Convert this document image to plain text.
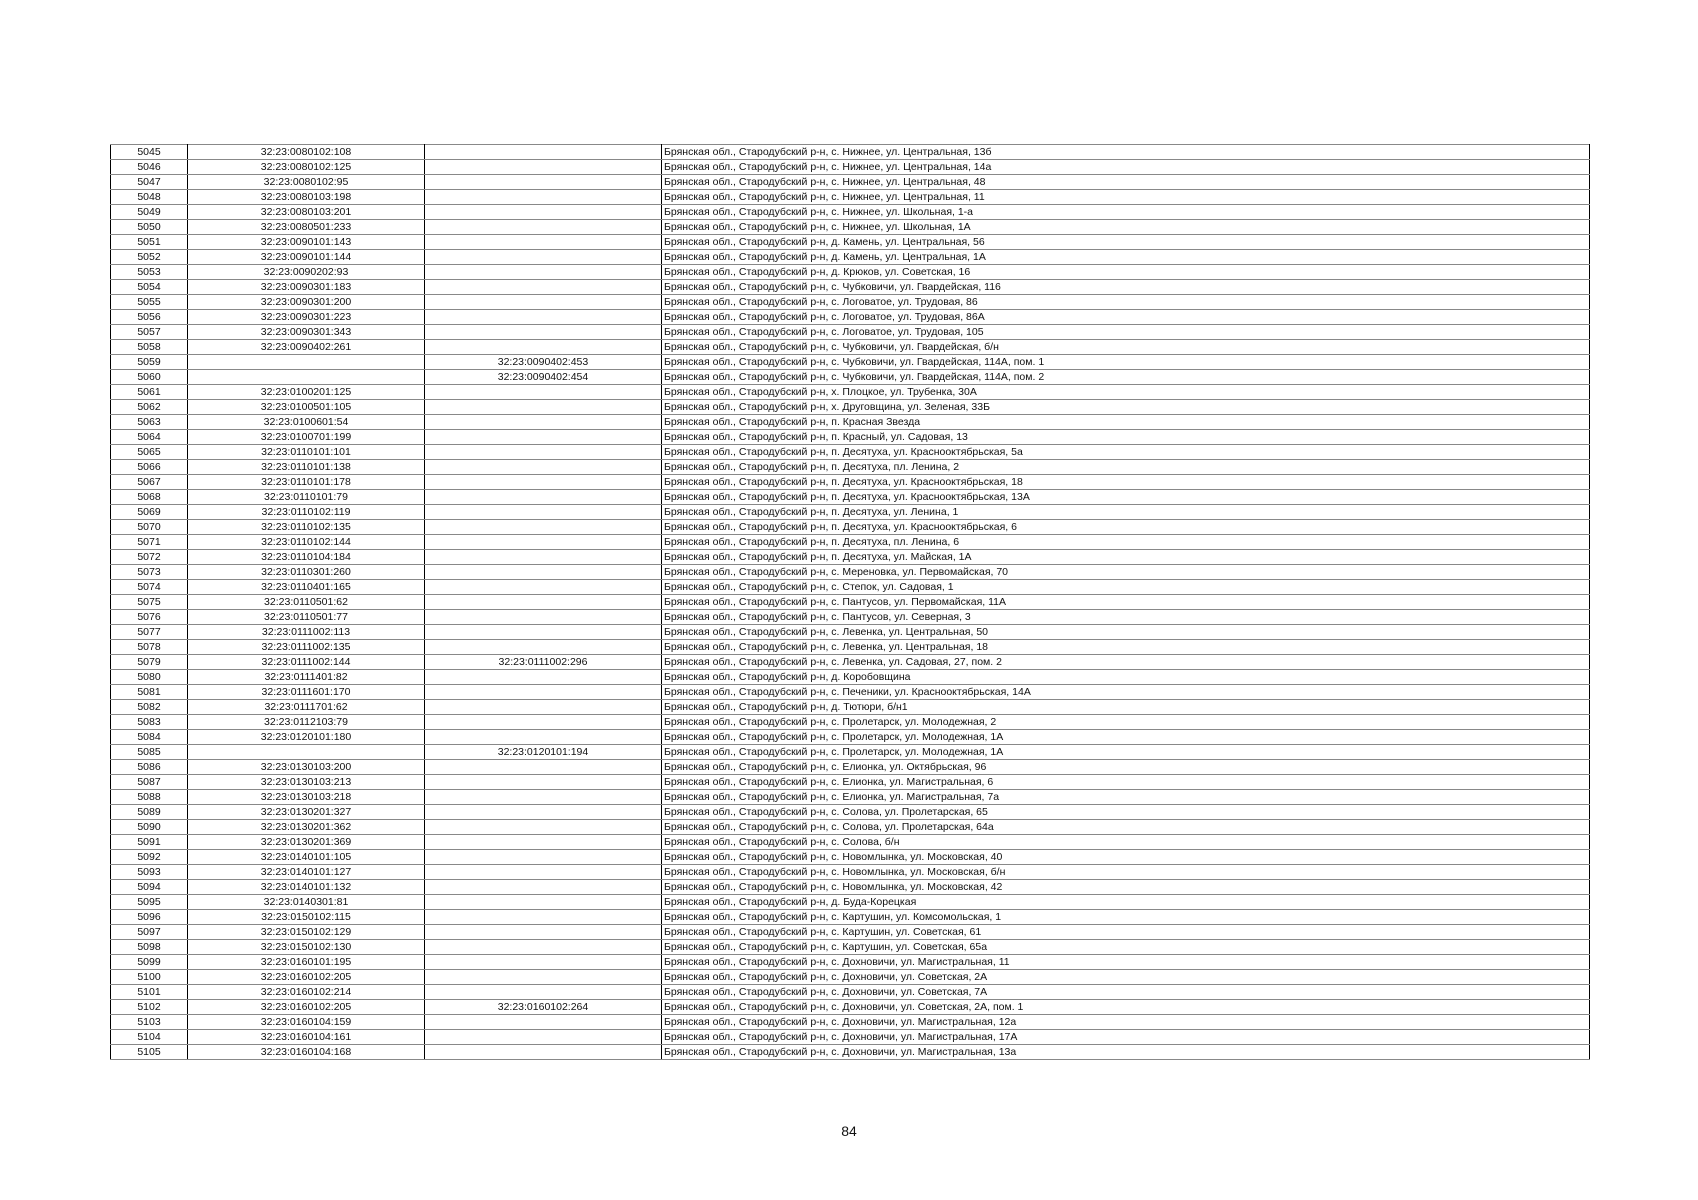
5045	32:23:0080102:108		Брянская обл., Стародубский р-н, с. Нижнее, ул. Центральная, 13б
5046	32:23:0080102:125		Брянская обл., Стародубский р-н, с. Нижнее, ул. Центральная, 14а
5047	32:23:0080102:95		Брянская обл., Стародубский р-н, с. Нижнее, ул. Центральная, 48
5048	32:23:0080103:198		Брянская обл., Стародубский р-н, с. Нижнее, ул. Центральная, 11
5049	32:23:0080103:201		Брянская обл., Стародубский р-н, с. Нижнее, ул. Школьная, 1-а
5050	32:23:0080501:233		Брянская обл., Стародубский р-н, с. Нижнее, ул. Школьная, 1А
5051	32:23:0090101:143		Брянская обл., Стародубский р-н, д. Камень, ул. Центральная, 56
5052	32:23:0090101:144		Брянская обл., Стародубский р-н, д. Камень, ул. Центральная, 1А
5053	32:23:0090202:93		Брянская обл., Стародубский р-н, д. Крюков, ул. Советская, 16
5054	32:23:0090301:183		Брянская обл., Стародубский р-н, с. Чубковичи, ул. Гвардейская, 116
5055	32:23:0090301:200		Брянская обл., Стародубский р-н, с. Логоватое, ул. Трудовая, 86
5056	32:23:0090301:223		Брянская обл., Стародубский р-н, с. Логоватое, ул. Трудовая, 86А
5057	32:23:0090301:343		Брянская обл., Стародубский р-н, с. Логоватое, ул. Трудовая, 105
5058	32:23:0090402:261		Брянская обл., Стародубский р-н, с. Чубковичи, ул. Гвардейская, б/н
5059		32:23:0090402:453	Брянская обл., Стародубский р-н, с. Чубковичи, ул. Гвардейская, 114А, пом. 1
5060		32:23:0090402:454	Брянская обл., Стародубский р-н, с. Чубковичи, ул. Гвардейская, 114А, пом. 2
5061	32:23:0100201:125		Брянская обл., Стародубский р-н, х. Плоцкое, ул. Трубенка, 30А
5062	32:23:0100501:105		Брянская обл., Стародубский р-н, х. Друговщина, ул. Зеленая, 33Б
5063	32:23:0100601:54		Брянская обл., Стародубский р-н, п. Красная Звезда
5064	32:23:0100701:199		Брянская обл., Стародубский р-н, п. Красный, ул. Садовая, 13
5065	32:23:0110101:101		Брянская обл., Стародубский р-н, п. Десятуха, ул. Краснооктябрьская, 5а
5066	32:23:0110101:138		Брянская обл., Стародубский р-н, п. Десятуха, пл. Ленина, 2
5067	32:23:0110101:178		Брянская обл., Стародубский р-н, п. Десятуха, ул. Краснооктябрьская, 18
5068	32:23:0110101:79		Брянская обл., Стародубский р-н, п. Десятуха, ул. Краснооктябрьская, 13А
5069	32:23:0110102:119		Брянская обл., Стародубский р-н, п. Десятуха, ул. Ленина, 1
5070	32:23:0110102:135		Брянская обл., Стародубский р-н, п. Десятуха, ул. Краснооктябрьская, 6
5071	32:23:0110102:144		Брянская обл., Стародубский р-н, п. Десятуха, пл. Ленина, 6
5072	32:23:0110104:184		Брянская обл., Стародубский р-н, п. Десятуха, ул. Майская, 1А
5073	32:23:0110301:260		Брянская обл., Стародубский р-н, с. Мереновка, ул. Первомайская, 70
5074	32:23:0110401:165		Брянская обл., Стародубский р-н, с. Степок, ул. Садовая, 1
5075	32:23:0110501:62		Брянская обл., Стародубский р-н, с. Пантусов, ул. Первомайская, 11А
5076	32:23:0110501:77		Брянская обл., Стародубский р-н, с. Пантусов, ул. Северная, 3
5077	32:23:0111002:113		Брянская обл., Стародубский р-н, с. Левенка, ул. Центральная, 50
5078	32:23:0111002:135		Брянская обл., Стародубский р-н, с. Левенка, ул. Центральная, 18
5079	32:23:0111002:144	32:23:0111002:296	Брянская обл., Стародубский р-н, с. Левенка, ул. Садовая, 27, пом. 2
5080	32:23:0111401:82		Брянская обл., Стародубский р-н, д. Коробовщина
5081	32:23:0111601:170		Брянская обл., Стародубский р-н, с. Печеники, ул. Краснооктябрьская, 14А
5082	32:23:0111701:62		Брянская обл., Стародубский р-н, д. Тютюри, б/н1
5083	32:23:0112103:79		Брянская обл., Стародубский р-н, с. Пролетарск, ул. Молодежная, 2
5084	32:23:0120101:180		Брянская обл., Стародубский р-н, с. Пролетарск, ул. Молодежная, 1А
5085		32:23:0120101:194	Брянская обл., Стародубский р-н, с. Пролетарск, ул. Молодежная, 1А
5086	32:23:0130103:200		Брянская обл., Стародубский р-н, с. Елионка, ул. Октябрьская, 96
5087	32:23:0130103:213		Брянская обл., Стародубский р-н, с. Елионка, ул. Магистральная, 6
5088	32:23:0130103:218		Брянская обл., Стародубский р-н, с. Елионка, ул. Магистральная, 7а
5089	32:23:0130201:327		Брянская обл., Стародубский р-н, с. Солова, ул. Пролетарская, 65
5090	32:23:0130201:362		Брянская обл., Стародубский р-н, с. Солова, ул. Пролетарская, 64а
5091	32:23:0130201:369		Брянская обл., Стародубский р-н, с. Солова, б/н
5092	32:23:0140101:105		Брянская обл., Стародубский р-н, с. Новомлынка, ул. Московская, 40
5093	32:23:0140101:127		Брянская обл., Стародубский р-н, с. Новомлынка, ул. Московская, б/н
5094	32:23:0140101:132		Брянская обл., Стародубский р-н, с. Новомлынка, ул. Московская, 42
5095	32:23:0140301:81		Брянская обл., Стародубский р-н, д. Буда-Корецкая
5096	32:23:0150102:115		Брянская обл., Стародубский р-н, с. Картушин, ул. Комсомольская, 1
5097	32:23:0150102:129		Брянская обл., Стародубский р-н, с. Картушин, ул. Советская, 61
5098	32:23:0150102:130		Брянская обл., Стародубский р-н, с. Картушин, ул. Советская, 65а
5099	32:23:0160101:195		Брянская обл., Стародубский р-н, с. Дохновичи, ул. Магистральная, 11
5100	32:23:0160102:205		Брянская обл., Стародубский р-н, с. Дохновичи, ул. Советская, 2А
5101	32:23:0160102:214		Брянская обл., Стародубский р-н, с. Дохновичи, ул. Советская, 7А
5102	32:23:0160102:205	32:23:0160102:264	Брянская обл., Стародубский р-н, с. Дохновичи, ул. Советская, 2А, пом. 1
5103	32:23:0160104:159		Брянская обл., Стародубский р-н, с. Дохновичи, ул. Магистральная, 12а
5104	32:23:0160104:161		Брянская обл., Стародубский р-н, с. Дохновичи, ул. Магистральная, 17А
5105	32:23:0160104:168		Брянская обл., Стародубский р-н, с. Дохновичи, ул. Магистральная, 13а
84
